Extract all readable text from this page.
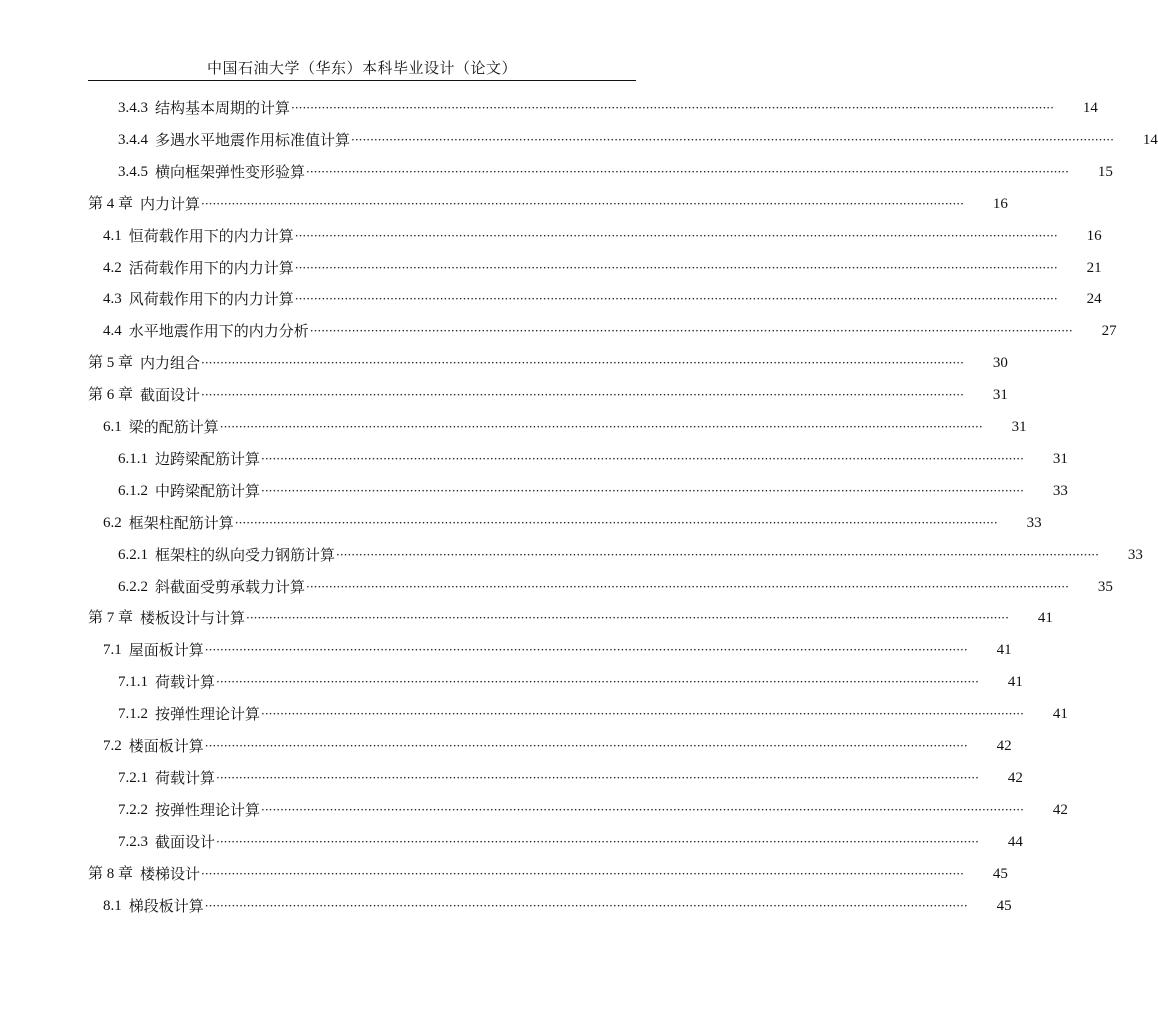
中国石油大学（华东）本科毕业设计（论文）
3.4.3 结构基本周期的计算 ········································································································································································································	14
3.4.4 多遇水平地震作用标准值计算 ········································································································································································································	14
3.4.5 横向框架弹性变形验算 ········································································································································································································	15
第 4 章 内力计算 ········································································································································································································	16
4.1 恒荷载作用下的内力计算 ········································································································································································································	16
4.2 活荷载作用下的内力计算 ········································································································································································································	21
4.3 风荷载作用下的内力计算 ········································································································································································································	24
4.4 水平地震作用下的内力分析 ········································································································································································································	27
第 5 章 内力组合 ········································································································································································································	30
第 6 章 截面设计 ········································································································································································································	31
6.1 梁的配筋计算 ········································································································································································································	31
6.1.1 边跨梁配筋计算 ········································································································································································································	31
6.1.2 中跨梁配筋计算 ········································································································································································································	33
6.2 框架柱配筋计算 ········································································································································································································	33
6.2.1 框架柱的纵向受力钢筋计算 ········································································································································································································	33
6.2.2 斜截面受剪承载力计算 ········································································································································································································	35
第 7 章 楼板设计与计算 ········································································································································································································	41
7.1 屋面板计算 ········································································································································································································	41
7.1.1 荷载计算 ········································································································································································································	41
7.1.2 按弹性理论计算 ········································································································································································································	41
7.2 楼面板计算 ········································································································································································································	42
7.2.1 荷载计算 ········································································································································································································	42
7.2.2 按弹性理论计算 ········································································································································································································	42
7.2.3 截面设计 ········································································································································································································	44
第 8 章 楼梯设计 ········································································································································································································	45
8.1 梯段板计算 ········································································································································································································	45
